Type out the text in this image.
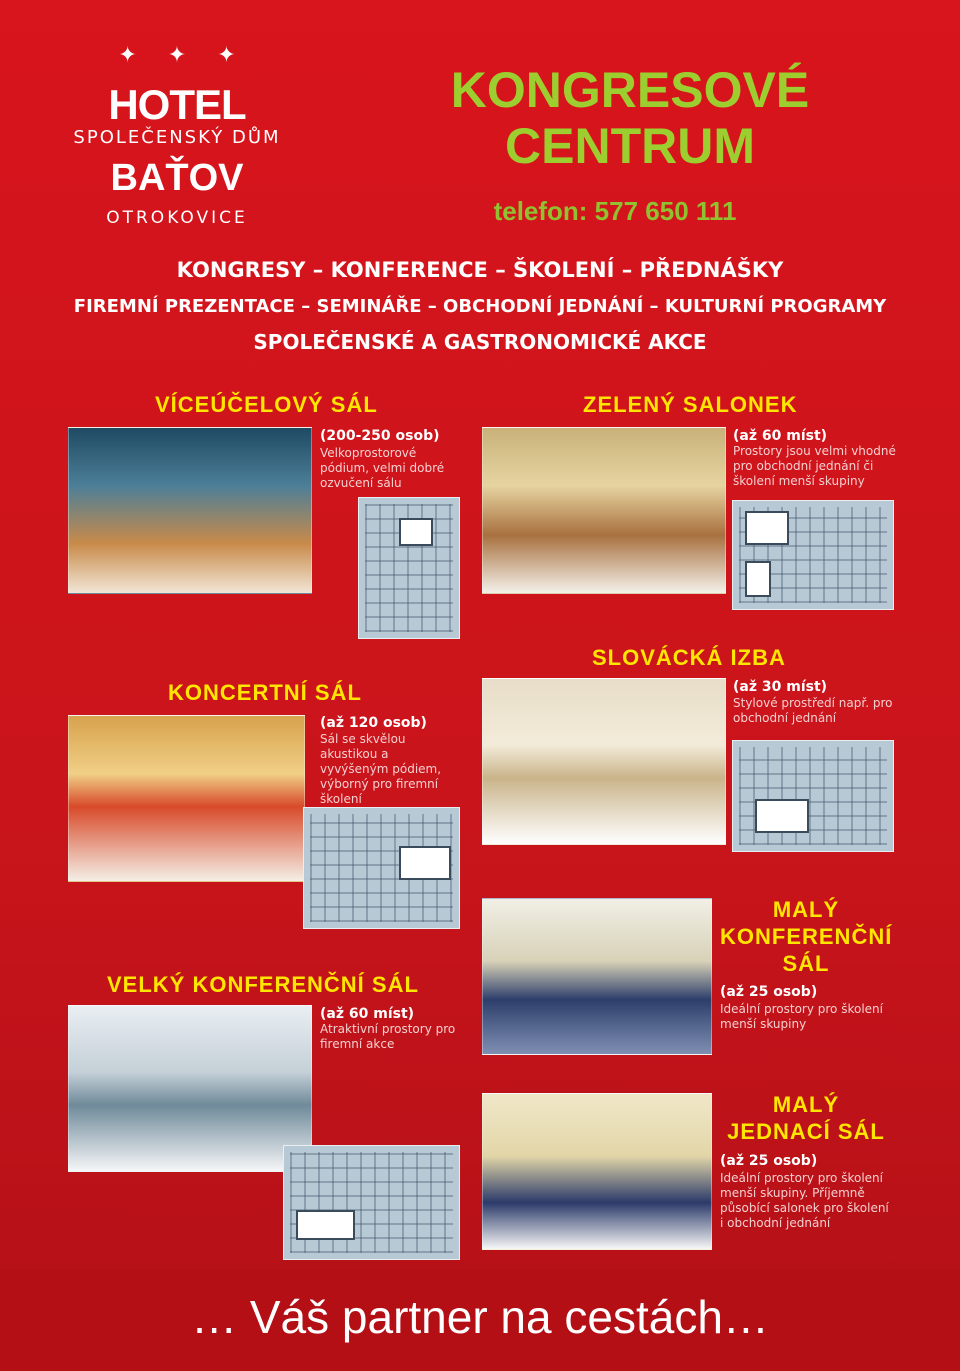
✦ ✦ ✦
HOTEL
SPOLEČENSKÝ DŮM
BAŤOV
OTROKOVICE
KONGRESOVÉ
CENTRUM
telefon: 577 650 111
KONGRESY – KONFERENCE – ŠKOLENÍ – PŘEDNÁŠKY
FIREMNÍ PREZENTACE – SEMINÁŘE – OBCHODNÍ JEDNÁNÍ – KULTURNÍ PROGRAMY
SPOLEČENSKÉ A GASTRONOMICKÉ AKCE
VÍCEÚČELOVÝ SÁL
(200-250 osob)
Velkoprostorové pódium, velmi dobré ozvučení sálu
ZELENÝ SALONEK
(až 60 míst)
Prostory jsou velmi vhodné pro obchodní jednání či školení menší skupiny
KONCERTNÍ SÁL
(až 120 osob)
Sál se skvělou akustikou a vyvýšeným pódiem, výborný pro firemní školení
SLOVÁCKÁ IZBA
(až 30 míst)
Stylové prostředí např. pro obchodní jednání
VELKÝ KONFERENČNÍ SÁL
(až 60 míst)
Atraktivní prostory pro firemní akce
MALÝ
KONFERENČNÍ
SÁL
(až 25 osob)
Ideální prostory pro školení menší skupiny
MALÝ
JEDNACÍ SÁL
(až 25 osob)
Ideální prostory pro školení menší skupiny. Příjemně působící salonek pro školení i obchodní jednání
… Váš partner na cestách…
